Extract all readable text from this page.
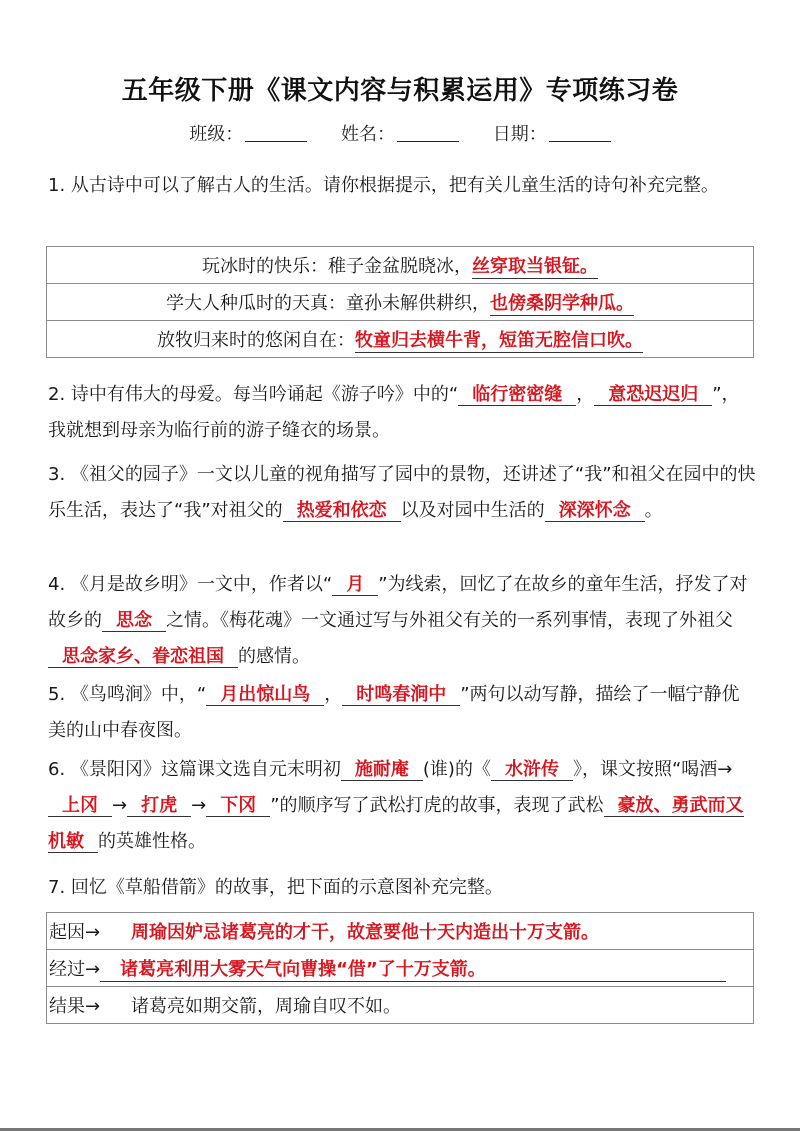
五年级下册《课文内容与积累运用》专项练习卷
班级：	姓名：	日期：
1. 从古诗中可以了解古人的生活。请你根据提示，把有关儿童生活的诗句补充完整。
玩冰时的快乐：稚子金盆脱晓冰，丝穿取当银钲。
学大人种瓜时的天真：童孙未解供耕织，也傍桑阴学种瓜。
放牧归来时的悠闲自在：牧童归去横牛背，短笛无腔信口吹。
2. 诗中有伟大的母爱。每当吟诵起《游子吟》中的“ 临行密密缝 ， 意恐迟迟归 ”，我就想到母亲为临行前的游子缝衣的场景。
3. 《祖父的园子》一文以儿童的视角描写了园中的景物，还讲述了“我”和祖父在园中的快乐生活，表达了“我”对祖父的 热爱和依恋 以及对园中生活的 深深怀念 。
4. 《月是故乡明》一文中，作者以“ 月 ”为线索，回忆了在故乡的童年生活，抒发了对故乡的 思念 之情。《梅花魂》一文通过写与外祖父有关的一系列事情，表现了外祖父思念家乡、眷恋祖国 的感情。
5. 《鸟鸣涧》中，“ 月出惊山鸟 ， 时鸣春涧中 ”两句以动写静，描绘了一幅宁静优美的山中春夜图。
6. 《景阳冈》这篇课文选自元末明初 施耐庵 (谁)的《 水浒传 》，课文按照“喝酒→上冈 → 打虎 → 下冈 ”的顺序写了武松打虎的故事，表现了武松 豪放、勇武而又机敏 的英雄性格。
7. 回忆《草船借箭》的故事，把下面的示意图补充完整。
起因→ 周瑜因妒忌诸葛亮的才干，故意要他十天内造出十万支箭。
经过→ 诸葛亮利用大雾天气向曹操“借”了十万支箭。
结果→ 诸葛亮如期交箭，周瑜自叹不如。
